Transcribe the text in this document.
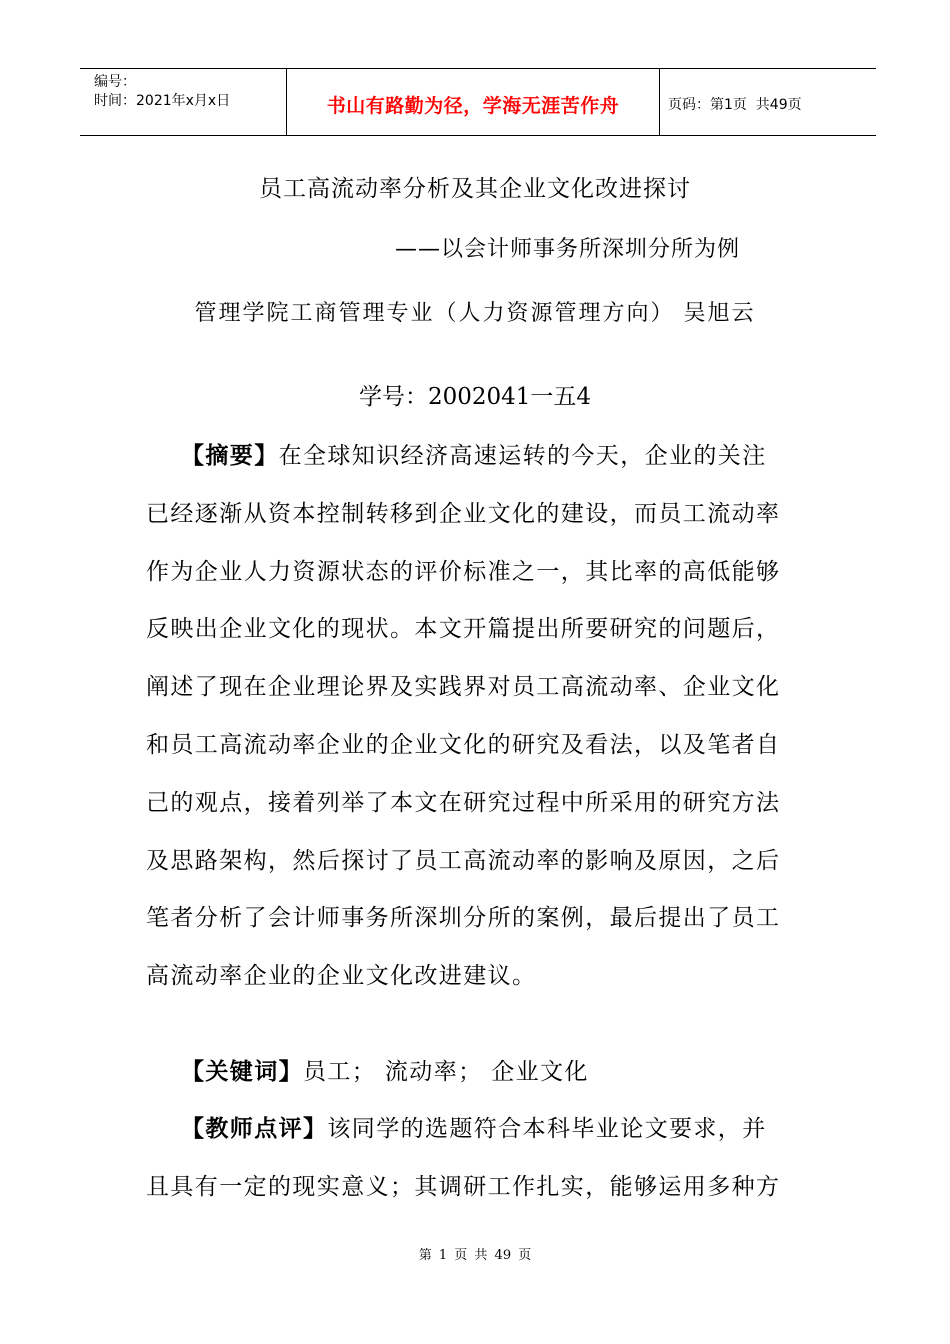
编号：
时间：2021年x月x日	书山有路勤为径，学海无涯苦作舟	页码：第1页  共49页
员工高流动率分析及其企业文化改进探讨
——以会计师事务所深圳分所为例
管理学院工商管理专业（人力资源管理方向） 吴旭云
学号：2002041一五4
【摘要】在全球知识经济高速运转的今天，企业的关注
已经逐渐从资本控制转移到企业文化的建设，而员工流动率
作为企业人力资源状态的评价标准之一，其比率的高低能够
反映出企业文化的现状。本文开篇提出所要研究的问题后，
阐述了现在企业理论界及实践界对员工高流动率、企业文化
和员工高流动率企业的企业文化的研究及看法，以及笔者自
己的观点，接着列举了本文在研究过程中所采用的研究方法
及思路架构，然后探讨了员工高流动率的影响及原因，之后
笔者分析了会计师事务所深圳分所的案例，最后提出了员工
高流动率企业的企业文化改进建议。
【关键词】员工； 流动率； 企业文化
【教师点评】该同学的选题符合本科毕业论文要求，并
且具有一定的现实意义；其调研工作扎实，能够运用多种方
第 1 页 共 49 页
